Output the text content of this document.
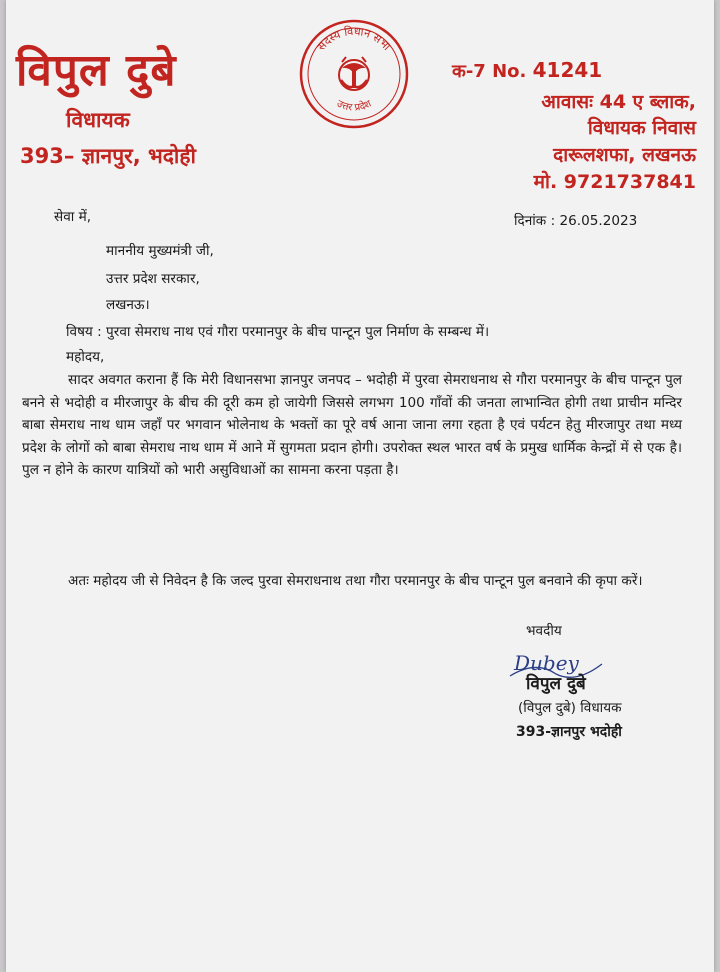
विपुल दुबे
विधायक
393– ज्ञानपुर, भदोही
सदस्य विधान सभा
उत्तर प्रदेश
क-7 No. 41241
आवासः 44 ए ब्लाक,
विधायक निवास
दारूलशफा, लखनऊ
मो. 9721737841
सेवा में,	दिनांक : 26.05.2023
माननीय मुख्यमंत्री जी,
उत्तर प्रदेश सरकार,
लखनऊ।
विषय : पुरवा सेमराध नाथ एवं गौरा परमानपुर के बीच पान्टून पुल निर्माण के सम्बन्ध में।
महोदय,
सादर अवगत कराना हैं कि मेरी विधानसभा ज्ञानपुर जनपद – भदोही में पुरवा सेमराधनाथ से गौरा परमानपुर के बीच पान्टून पुल बनने से भदोही व मीरजापुर के बीच की दूरी कम हो जायेगी जिससे लगभग 100 गाँवों की जनता लाभान्वित होगी तथा प्राचीन मन्दिर बाबा सेमराध नाथ धाम जहाँ पर भगवान भोलेनाथ के भक्तों का पूरे वर्ष आना जाना लगा रहता है एवं पर्यटन हेतु मीरजापुर तथा मध्य प्रदेश के लोगों को बाबा सेमराध नाथ धाम में आने में सुगमता प्रदान होगी। उपरोक्त स्थल भारत वर्ष के प्रमुख धार्मिक केन्द्रों में से एक है। पुल न होने के कारण यात्रियों को भारी असुविधाओं का सामना करना पड़ता है।
अतः महोदय जी से निवेदन है कि जल्द पुरवा सेमराधनाथ तथा गौरा परमानपुर के बीच पान्टून पुल बनवाने की कृपा करें।
भवदीय
Dubey
विपुल दुबे
(विपुल दुबे) विधायक
393-ज्ञानपुर भदोही
